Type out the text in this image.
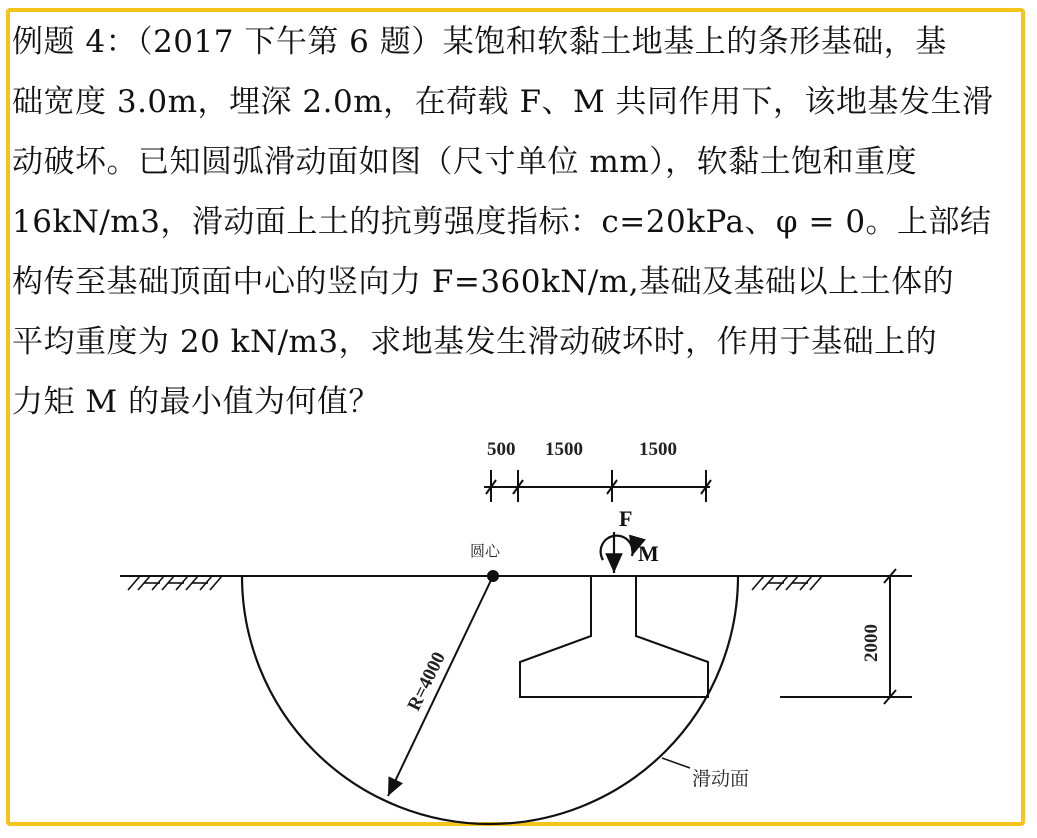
例题 4：（2017 下午第 6 题）某饱和软黏土地基上的条形基础，基
础宽度 3.0m，埋深 2.0m，在荷载 F、M 共同作用下，该地基发生滑
动破坏。已知圆弧滑动面如图（尺寸单位 mm），软黏土饱和重度
16kN/m3，滑动面上土的抗剪强度指标：c=20kPa、φ = 0。上部结
构传至基础顶面中心的竖向力 F=360kN/m,基础及基础以上土体的
平均重度为 20 kN/m3，求地基发生滑动破坏时，作用于基础上的
力矩 M 的最小值为何值？
500 1500	1500
圆心
R=4000
F
M
2000
滑动面
